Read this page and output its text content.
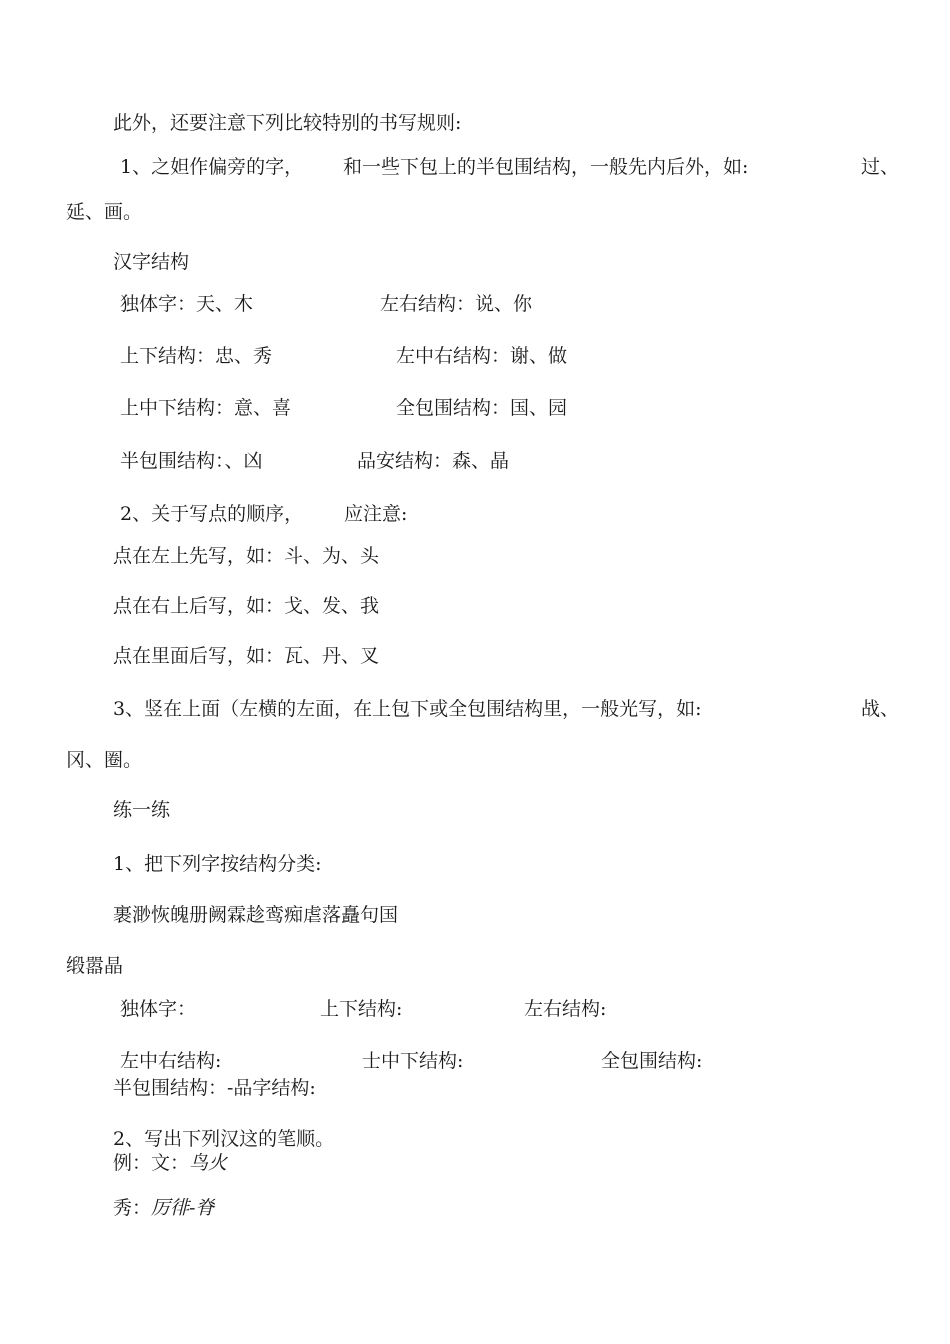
此外，还要注意下列比较特别的书写规则:
1、之妲作偏旁的字， 和一些下包上的半包围结构，一般先内后外，如:	过、
延、画。
汉字结构
独体字：天、木	左右结构：说、你
上下结构：忠、秀	左中右结构：谢、做
上中下结构：意、喜	全包围结构：国、园
半包围结构：、凶	品安结构：森、晶
2、关于写点的顺序， 应注意:
点在左上先写，如：斗、为、头
点在右上后写，如：戈、发、我
点在里面后写，如：瓦、丹、叉
3、竖在上面（左横的左面，在上包下或全包围结构里，一般光写，如:	战、
冈、圈。
练一练
1、把下列字按结构分类:
裹渺恢魄册阙霖趁鸾痴虐落矗句国
缎嚣晶
独体字：	上下结构:	左右结构:
左中右结构:	士中下结构:	全包围结构:
半包围结构：-品字结构:
2、写出下列汉这的笔顺。
例：文：鸟火
秀：厉徘-脊
